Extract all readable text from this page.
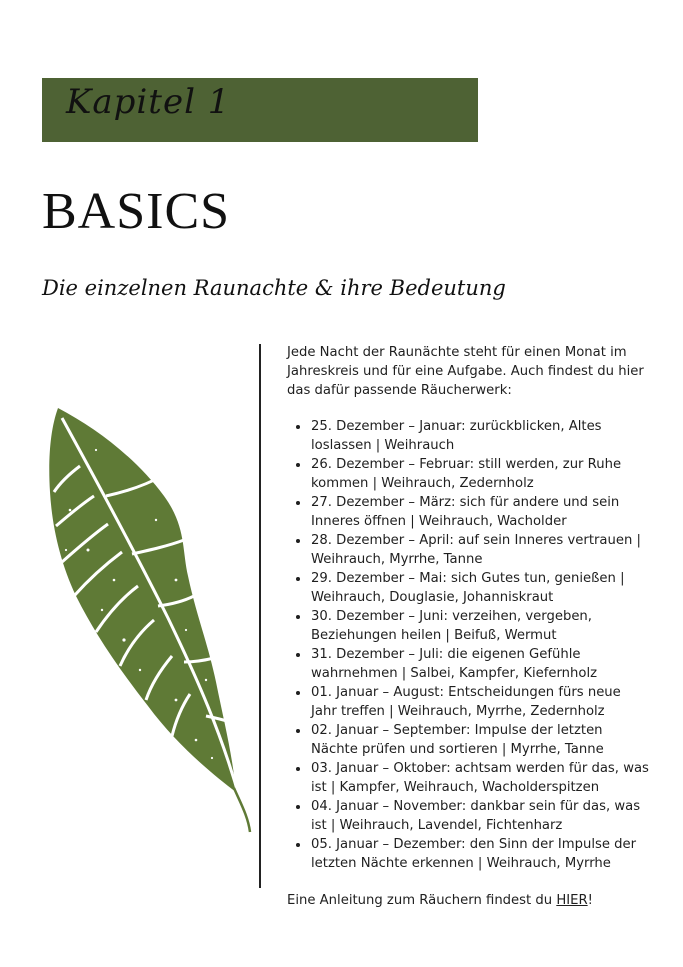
Kapitel 1
BASICS
Die einzelnen Raunachte & ihre Bedeutung

Jede Nacht der Raunächte steht für einen Monat im Jahreskreis und für eine Aufgabe. Auch findest du hier das dafür passende Räucherwerk:

25. Dezember – Januar: zurückblicken, Altes loslassen | Weihrauch
26. Dezember – Februar: still werden, zur Ruhe kommen | Weihrauch, Zedernholz
27. Dezember – März: sich für andere und sein Inneres öffnen | Weihrauch, Wacholder
28. Dezember – April: auf sein Inneres vertrauen | Weihrauch, Myrrhe, Tanne
29. Dezember – Mai: sich Gutes tun, genießen | Weihrauch, Douglasie, Johanniskraut
30. Dezember – Juni: verzeihen, vergeben, Beziehungen heilen | Beifuß, Wermut
31. Dezember – Juli: die eigenen Gefühle wahrnehmen | Salbei, Kampfer, Kiefernholz
01. Januar – August: Entscheidungen fürs neue Jahr treffen | Weihrauch, Myrrhe, Zedernholz
02. Januar – September: Impulse der letzten Nächte prüfen und sortieren | Myrrhe, Tanne
03. Januar – Oktober: achtsam werden für das, was ist | Kampfer, Weihrauch, Wacholderspitzen
04. Januar – November: dankbar sein für das, was ist | Weihrauch, Lavendel, Fichtenharz
05. Januar – Dezember: den Sinn der Impulse der letzten Nächte erkennen | Weihrauch, Myrrhe

Eine Anleitung zum Räuchern findest du HIER!
